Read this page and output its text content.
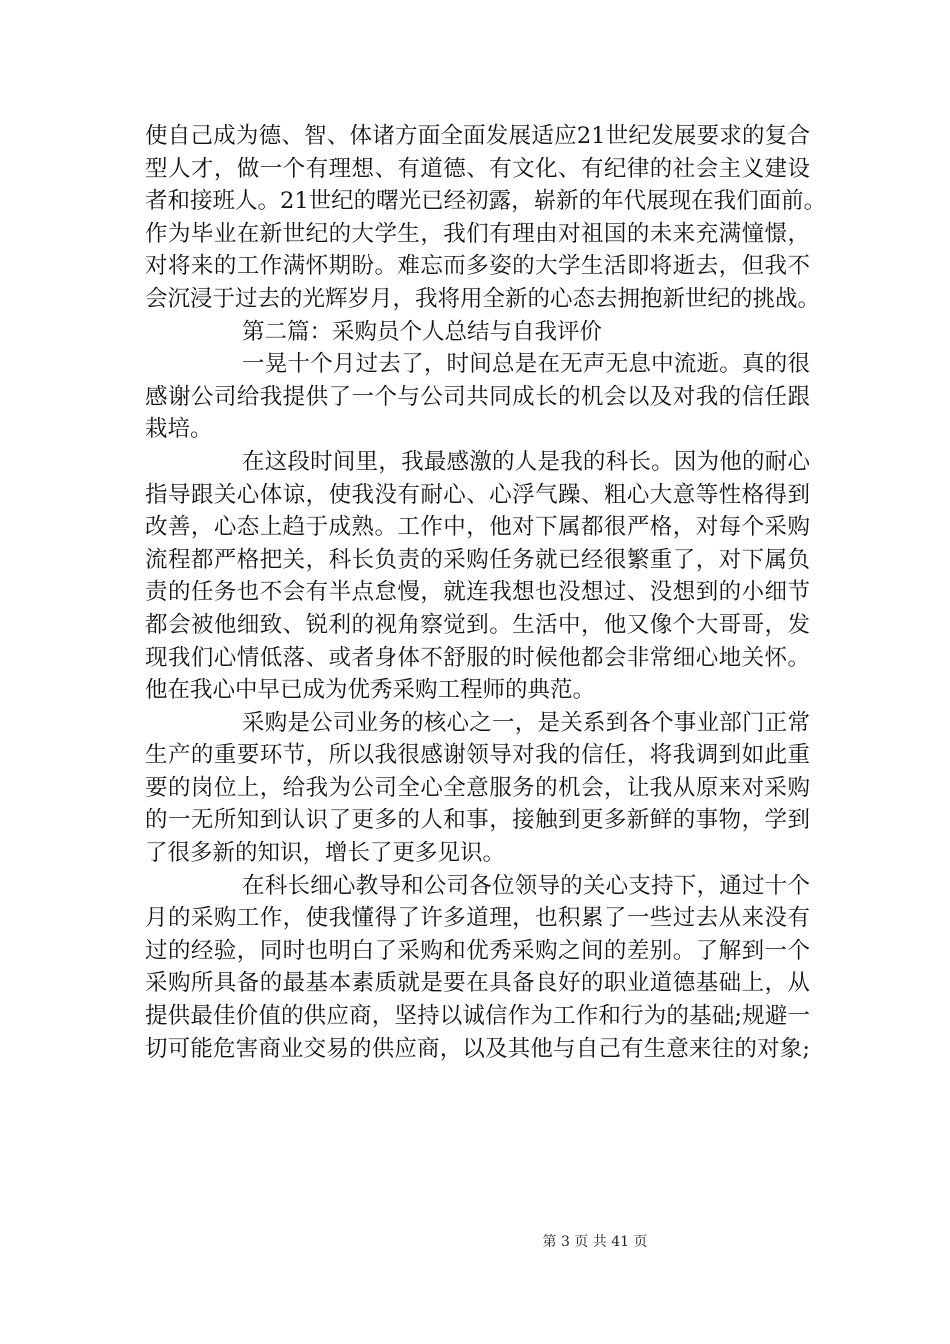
使自己成为德、智、体诸方面全面发展适应21世纪发展要求的复合
型人才，做一个有理想、有道德、有文化、有纪律的社会主义建设
者和接班人。21世纪的曙光已经初露，崭新的年代展现在我们面前。
作为毕业在新世纪的大学生，我们有理由对祖国的未来充满憧憬，
对将来的工作满怀期盼。难忘而多姿的大学生活即将逝去，但我不
会沉浸于过去的光辉岁月，我将用全新的心态去拥抱新世纪的挑战。
第二篇：采购员个人总结与自我评价
一晃十个月过去了，时间总是在无声无息中流逝。真的很
感谢公司给我提供了一个与公司共同成长的机会以及对我的信任跟
栽培。
在这段时间里，我最感激的人是我的科长。因为他的耐心
指导跟关心体谅，使我没有耐心、心浮气躁、粗心大意等性格得到
改善，心态上趋于成熟。工作中，他对下属都很严格，对每个采购
流程都严格把关，科长负责的采购任务就已经很繁重了，对下属负
责的任务也不会有半点怠慢，就连我想也没想过、没想到的小细节
都会被他细致、锐利的视角察觉到。生活中，他又像个大哥哥，发
现我们心情低落、或者身体不舒服的时候他都会非常细心地关怀。
他在我心中早已成为优秀采购工程师的典范。
采购是公司业务的核心之一，是关系到各个事业部门正常
生产的重要环节，所以我很感谢领导对我的信任，将我调到如此重
要的岗位上，给我为公司全心全意服务的机会，让我从原来对采购
的一无所知到认识了更多的人和事，接触到更多新鲜的事物，学到
了很多新的知识，增长了更多见识。
在科长细心教导和公司各位领导的关心支持下，通过十个
月的采购工作，使我懂得了许多道理，也积累了一些过去从来没有
过的经验，同时也明白了采购和优秀采购之间的差别。了解到一个
采购所具备的最基本素质就是要在具备良好的职业道德基础上，从
提供最佳价值的供应商，坚持以诚信作为工作和行为的基础;规避一
切可能危害商业交易的供应商，以及其他与自己有生意来往的对象;
第 3 页 共 41 页
